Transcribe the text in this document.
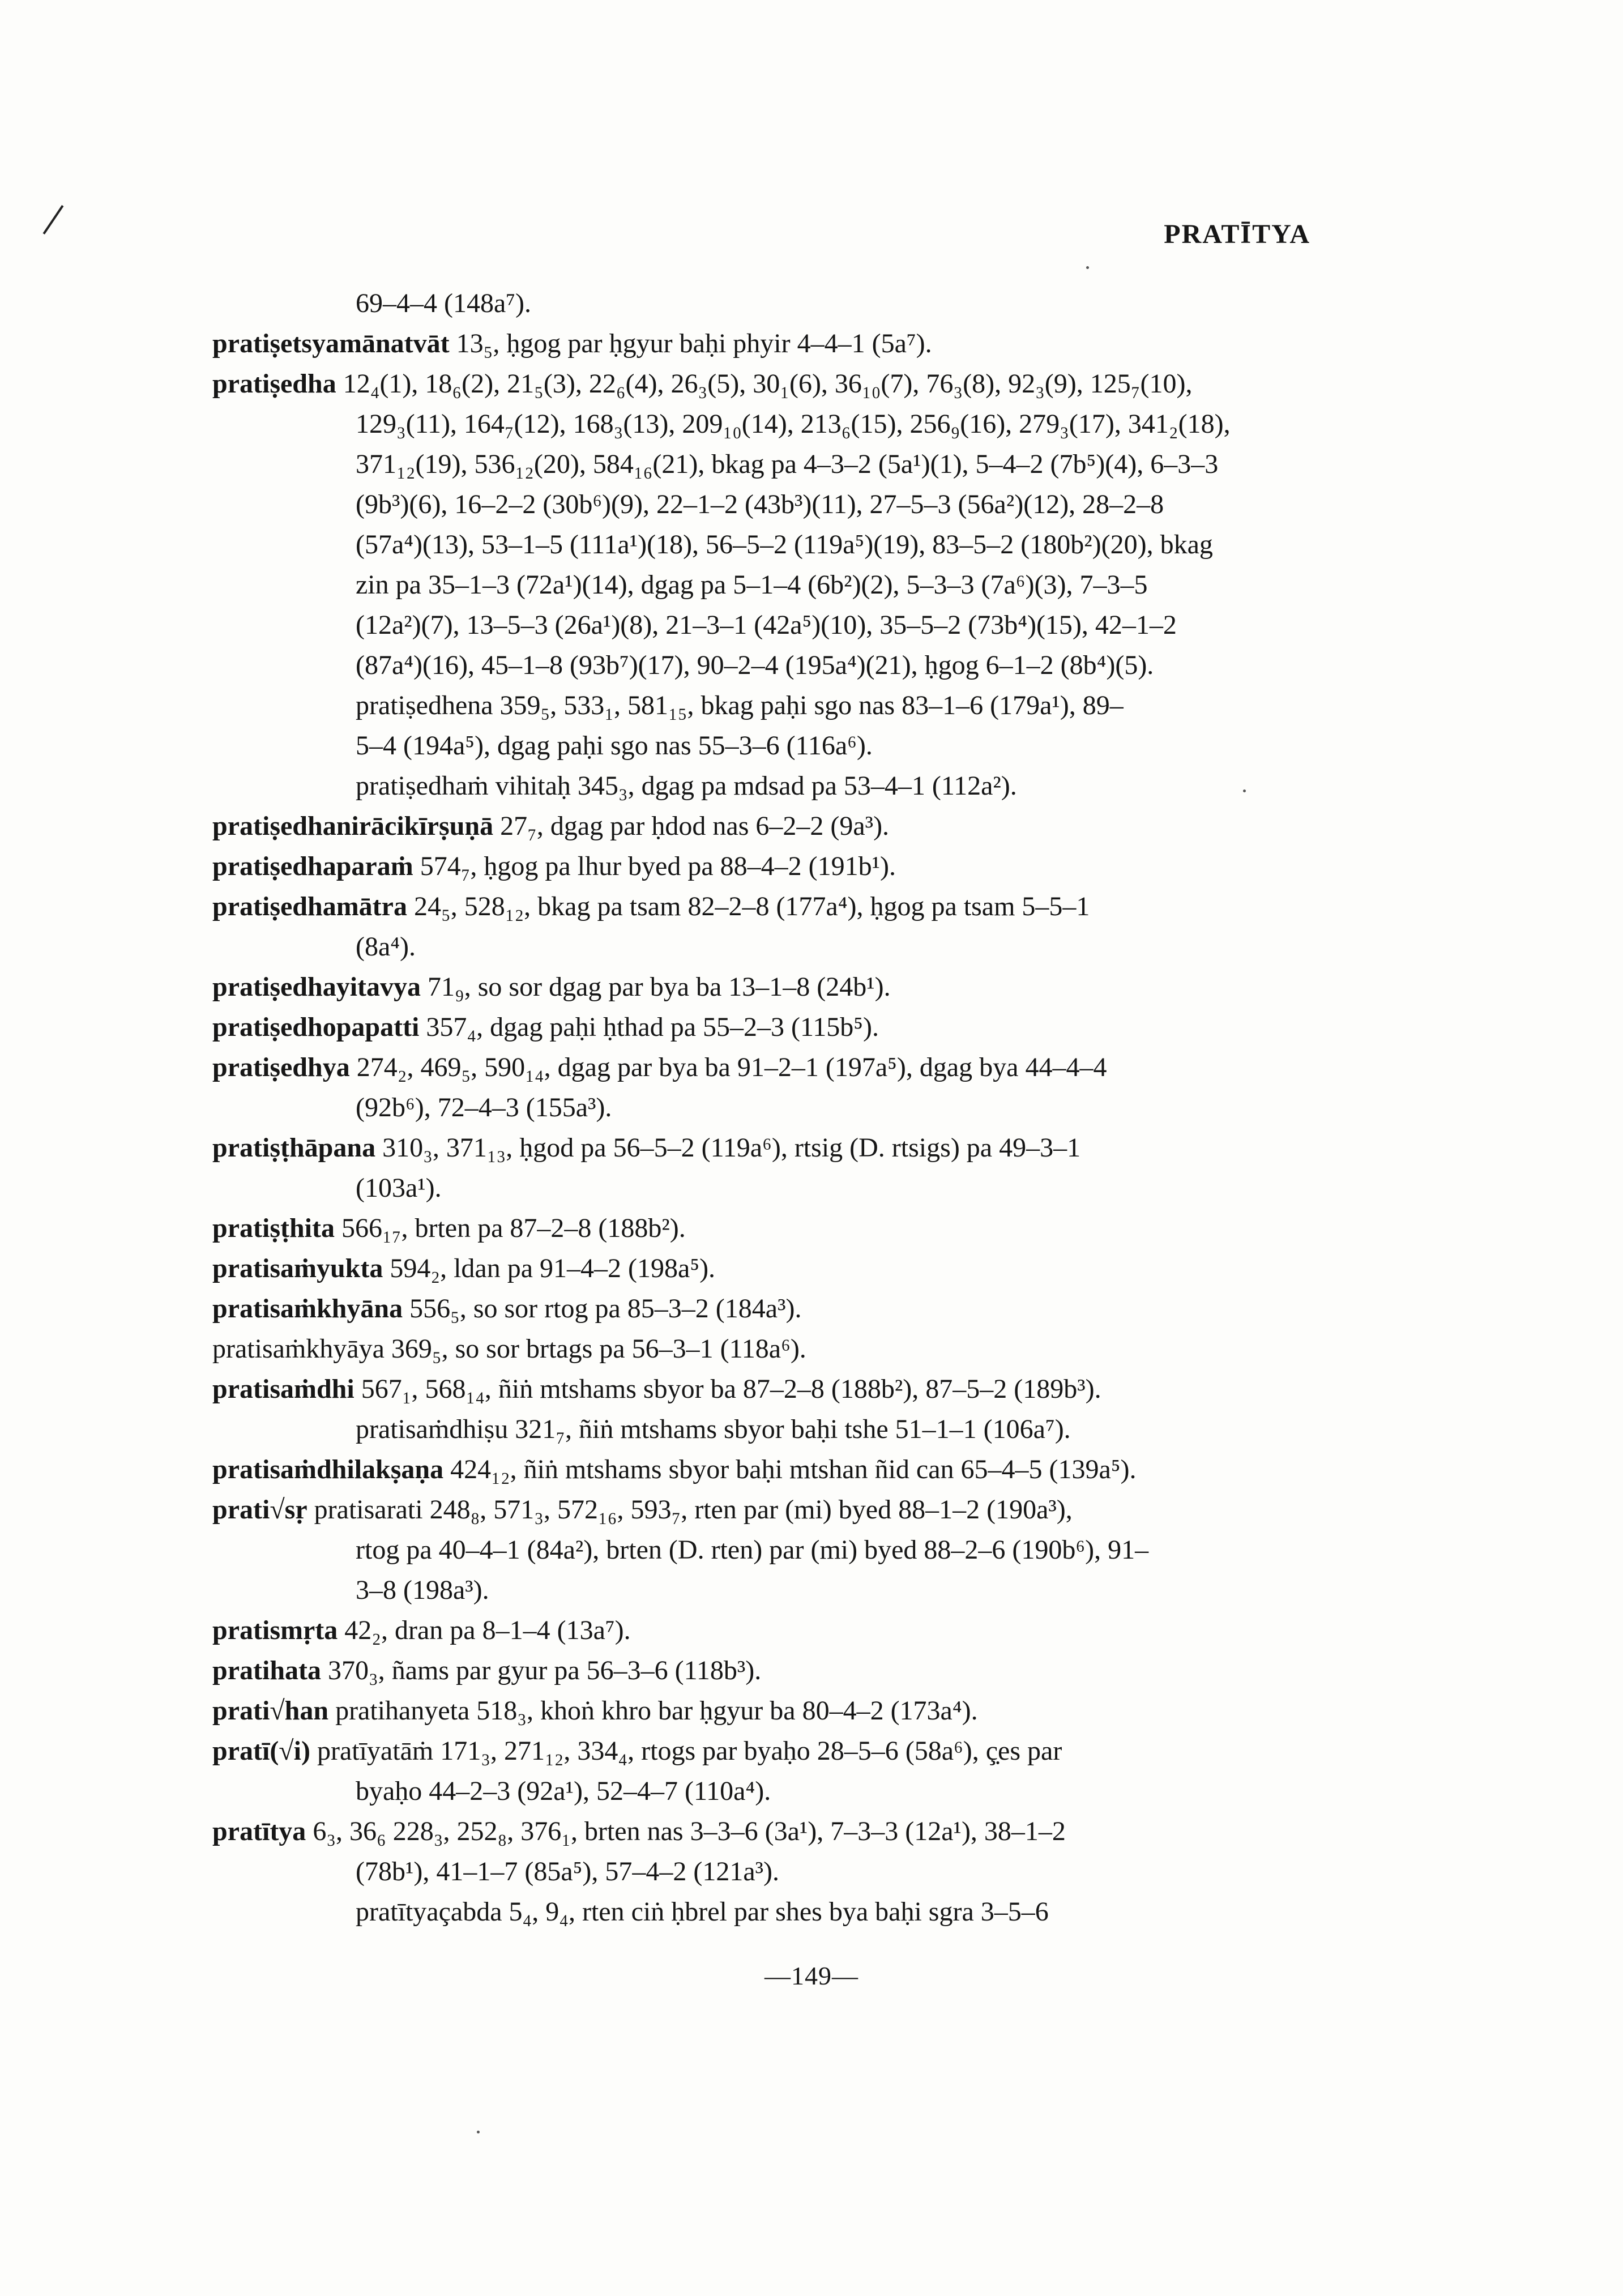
PRATĪTYA
69–4–4 (148a⁷).
pratiṣetsyamānatvāt 13₅, ḥgog par ḥgyur baḥi phyir 4–4–1 (5a⁷).
pratiṣedha 12₄(1), 18₆(2), 21₅(3), 22₆(4), 26₃(5), 30₁(6), 36₁₀(7), 76₃(8), 92₃(9), 125₇(10),
129₃(11), 164₇(12), 168₃(13), 209₁₀(14), 213₆(15), 256₉(16), 279₃(17), 341₂(18),
371₁₂(19), 536₁₂(20), 584₁₆(21), bkag pa 4–3–2 (5a¹)(1), 5–4–2 (7b⁵)(4), 6–3–3
(9b³)(6), 16–2–2 (30b⁶)(9), 22–1–2 (43b³)(11), 27–5–3 (56a²)(12), 28–2–8
(57a⁴)(13), 53–1–5 (111a¹)(18), 56–5–2 (119a⁵)(19), 83–5–2 (180b²)(20), bkag
zin pa 35–1–3 (72a¹)(14), dgag pa 5–1–4 (6b²)(2), 5–3–3 (7a⁶)(3), 7–3–5
(12a²)(7), 13–5–3 (26a¹)(8), 21–3–1 (42a⁵)(10), 35–5–2 (73b⁴)(15), 42–1–2
(87a⁴)(16), 45–1–8 (93b⁷)(17), 90–2–4 (195a⁴)(21), ḥgog 6–1–2 (8b⁴)(5).
pratiṣedhena 359₅, 533₁, 581₁₅, bkag paḥi sgo nas 83–1–6 (179a¹), 89–
5–4 (194a⁵), dgag paḥi sgo nas 55–3–6 (116a⁶).
pratiṣedhaṁ vihitaḥ 345₃, dgag pa mdsad pa 53–4–1 (112a²).
pratiṣedhanirācikīrṣuṇā 27₇, dgag par ḥdod nas 6–2–2 (9a³).
pratiṣedhaparaṁ 574₇, ḥgog pa lhur byed pa 88–4–2 (191b¹).
pratiṣedhamātra 24₅, 528₁₂, bkag pa tsam 82–2–8 (177a⁴), ḥgog pa tsam 5–5–1
(8a⁴).
pratiṣedhayitavya 71₉, so sor dgag par bya ba 13–1–8 (24b¹).
pratiṣedhopapatti 357₄, dgag paḥi ḥthad pa 55–2–3 (115b⁵).
pratiṣedhya 274₂, 469₅, 590₁₄, dgag par bya ba 91–2–1 (197a⁵), dgag bya 44–4–4
(92b⁶), 72–4–3 (155a³).
pratiṣṭhāpana 310₃, 371₁₃, ḥgod pa 56–5–2 (119a⁶), rtsig (D. rtsigs) pa 49–3–1
(103a¹).
pratiṣṭhita 566₁₇, brten pa 87–2–8 (188b²).
pratisaṁyukta 594₂, ldan pa 91–4–2 (198a⁵).
pratisaṁkhyāna 556₅, so sor rtog pa 85–3–2 (184a³).
pratisaṁkhyāya 369₅, so sor brtags pa 56–3–1 (118a⁶).
pratisaṁdhi 567₁, 568₁₄, ñiṅ mtshams sbyor ba 87–2–8 (188b²), 87–5–2 (189b³).
pratisaṁdhiṣu 321₇, ñiṅ mtshams sbyor baḥi tshe 51–1–1 (106a⁷).
pratisaṁdhilakṣaṇa 424₁₂, ñiṅ mtshams sbyor baḥi mtshan ñid can 65–4–5 (139a⁵).
prati√sṛ pratisarati 248₈, 571₃, 572₁₆, 593₇, rten par (mi) byed 88–1–2 (190a³),
rtog pa 40–4–1 (84a²), brten (D. rten) par (mi) byed 88–2–6 (190b⁶), 91–
3–8 (198a³).
pratismṛta 42₂, dran pa 8–1–4 (13a⁷).
pratihata 370₃, ñams par gyur pa 56–3–6 (118b³).
prati√han pratihanyeta 518₃, khoṅ khro bar ḥgyur ba 80–4–2 (173a⁴).
pratī(√i) pratīyatāṁ 171₃, 271₁₂, 334₄, rtogs par byaḥo 28–5–6 (58a⁶), ç̣es par
byaḥo 44–2–3 (92a¹), 52–4–7 (110a⁴).
pratītya 6₃, 36₆ 228₃, 252₈, 376₁, brten nas 3–3–6 (3a¹), 7–3–3 (12a¹), 38–1–2
(78b¹), 41–1–7 (85a⁵), 57–4–2 (121a³).
pratītyaçabda 5₄, 9₄, rten ciṅ ḥbrel par shes bya baḥi sgra 3–5–6
—149—
